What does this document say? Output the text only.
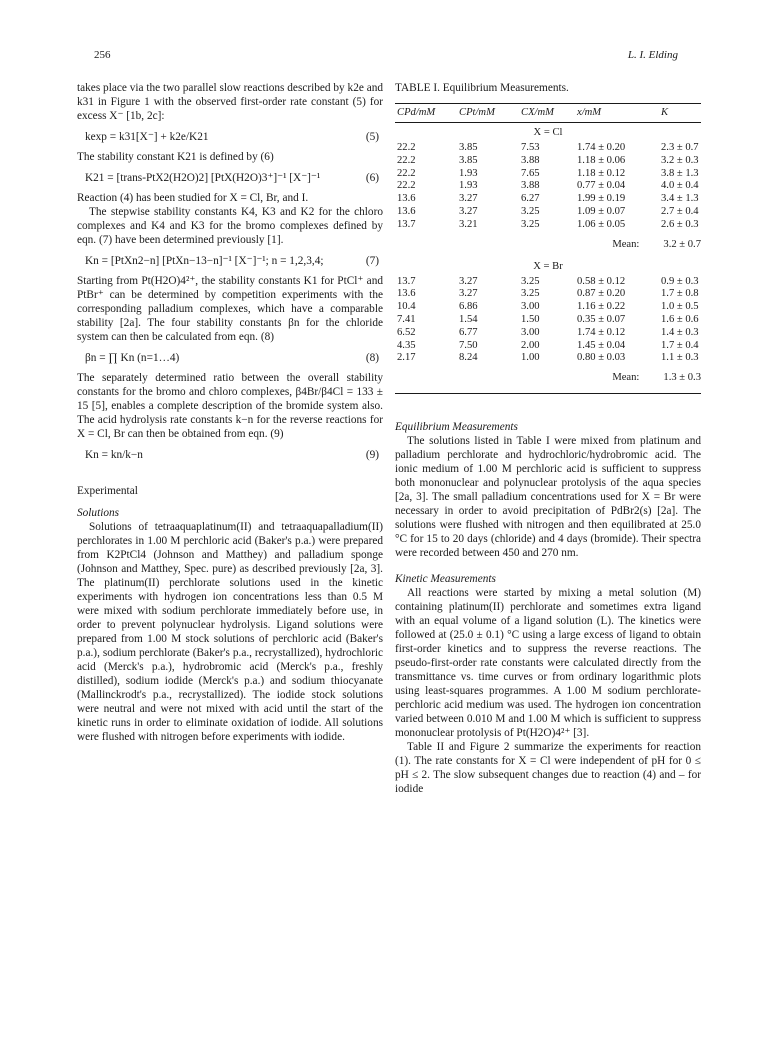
256	L. I. Elding

takes place via the two parallel slow reactions described by k2e and k31 in Figure 1 with the observed first-order rate constant (5) for excess X⁻ [1b, 2c]:

kexp = k31[X⁻] + k2e/K21	(5)

The stability constant K21 is defined by (6)

K21 = [trans-PtX2(H2O)2] [PtX(H2O)3⁺]⁻¹ [X⁻]⁻¹	(6)

Reaction (4) has been studied for X = Cl, Br, and I.

The stepwise stability constants K4, K3 and K2 for the chloro complexes and K4 and K3 for the bromo complexes defined by eqn. (7) have been determined previously [1].

Kn = [PtXn2−n] [PtXn−13−n]⁻¹ [X⁻]⁻¹; n = 1,2,3,4;	(7)

Starting from Pt(H2O)4²⁺, the stability constants K1 for PtCl⁺ and PtBr⁺ can be determined by competition experiments with the corresponding palladium complexes, which have a comparable stability [2a]. The four stability constants βn for the chloride system can then be calculated from eqn. (8)

βn = ∏ Kn (n=1…4)	(8)

The separately determined ratio between the overall stability constants for the bromo and chloro complexes, β4Br/β4Cl = 133 ± 15 [5], enables a complete description of the bromide system also. The acid hydrolysis rate constants k−n for the reverse reactions for X = Cl, Br can then be obtained from eqn. (9)

Kn = kn/k−n	(9)
Experimental
Solutions

Solutions of tetraaquaplatinum(II) and tetraaquapalladium(II) perchlorates in 1.00 M perchloric acid (Baker's p.a.) were prepared from K2PtCl4 (Johnson and Matthey) and palladium sponge (Johnson and Matthey, Spec. pure) as described previously [2a, 3]. The platinum(II) perchlorate solutions used in the kinetic experiments with hydrogen ion concentrations less than 0.5 M were mixed with sodium perchlorate immediately before use, in order to prevent polynuclear hydrolysis. Ligand solutions were prepared from 1.00 M stock solutions of perchloric acid (Baker's p.a.), sodium perchlorate (Baker's p.a., recrystallized), hydrochloric acid (Merck's p.a.), hydrobromic acid (Merck's p.a., freshly distilled), sodium iodide (Merck's p.a.) and sodium thiocyanate (Mallinckrodt's p.a., recrystallized). The iodide stock solutions were neutral and were not mixed with acid until the start of the kinetic runs in order to eliminate oxidation of iodide. All solutions were flushed with nitrogen before experiments with iodide.

TABLE I. Equilibrium Measurements.
CPd/mM	CPt/mM	CX/mM	x/mM	K
X = Cl
22.2	3.85	7.53	1.74 ± 0.20	2.3 ± 0.7
22.2	3.85	3.88	1.18 ± 0.06	3.2 ± 0.3
22.2	1.93	7.65	1.18 ± 0.12	3.8 ± 1.3
22.2	1.93	3.88	0.77 ± 0.04	4.0 ± 0.4
13.6	3.27	6.27	1.99 ± 0.19	3.4 ± 1.3
13.6	3.27	3.25	1.09 ± 0.07	2.7 ± 0.4
13.7	3.21	3.25	1.06 ± 0.05	2.6 ± 0.3
Mean: 3.2 ± 0.7
X = Br
13.7	3.27	3.25	0.58 ± 0.12	0.9 ± 0.3
13.6	3.27	3.25	0.87 ± 0.20	1.7 ± 0.8
10.4	6.86	3.00	1.16 ± 0.22	1.0 ± 0.5
7.41	1.54	1.50	0.35 ± 0.07	1.6 ± 0.6
6.52	6.77	3.00	1.74 ± 0.12	1.4 ± 0.3
4.35	7.50	2.00	1.45 ± 0.04	1.7 ± 0.4
2.17	8.24	1.00	0.80 ± 0.03	1.1 ± 0.3
Mean: 1.3 ± 0.3
Equilibrium Measurements

The solutions listed in Table I were mixed from platinum and palladium perchlorate and hydrochloric/hydrobromic acid. The ionic medium of 1.00 M perchloric acid is sufficient to suppress both mononuclear and polynuclear protolysis of the aqua species [2a, 3]. The small palladium concentrations used for X = Br were necessary in order to avoid precipitation of PdBr2(s) [2a]. The solutions were flushed with nitrogen and then equilibrated at 25.0 °C for 15 to 20 days (chloride) and 4 days (bromide). Their spectra were recorded between 450 and 270 nm.

Kinetic Measurements

All reactions were started by mixing a metal solution (M) containing platinum(II) perchlorate and sometimes extra ligand with an equal volume of a ligand solution (L). The kinetics were followed at (25.0 ± 0.1) °C using a large excess of ligand to obtain first-order kinetics and to suppress the reverse reactions. The pseudo-first-order rate constants were calculated directly from the transmittance vs. time curves or from ordinary logarithmic plots using least-squares programmes. A 1.00 M sodium perchlorate-perchloric acid medium was used. The hydrogen ion concentration varied between 0.010 M and 1.00 M which is sufficient to suppress mononuclear protolysis of Pt(H2O)4²⁺ [3].

Table II and Figure 2 summarize the experiments for reaction (1). The rate constants for X = Cl were independent of pH for 0 ≤ pH ≤ 2. The slow subsequent changes due to reaction (4) and – for iodide
